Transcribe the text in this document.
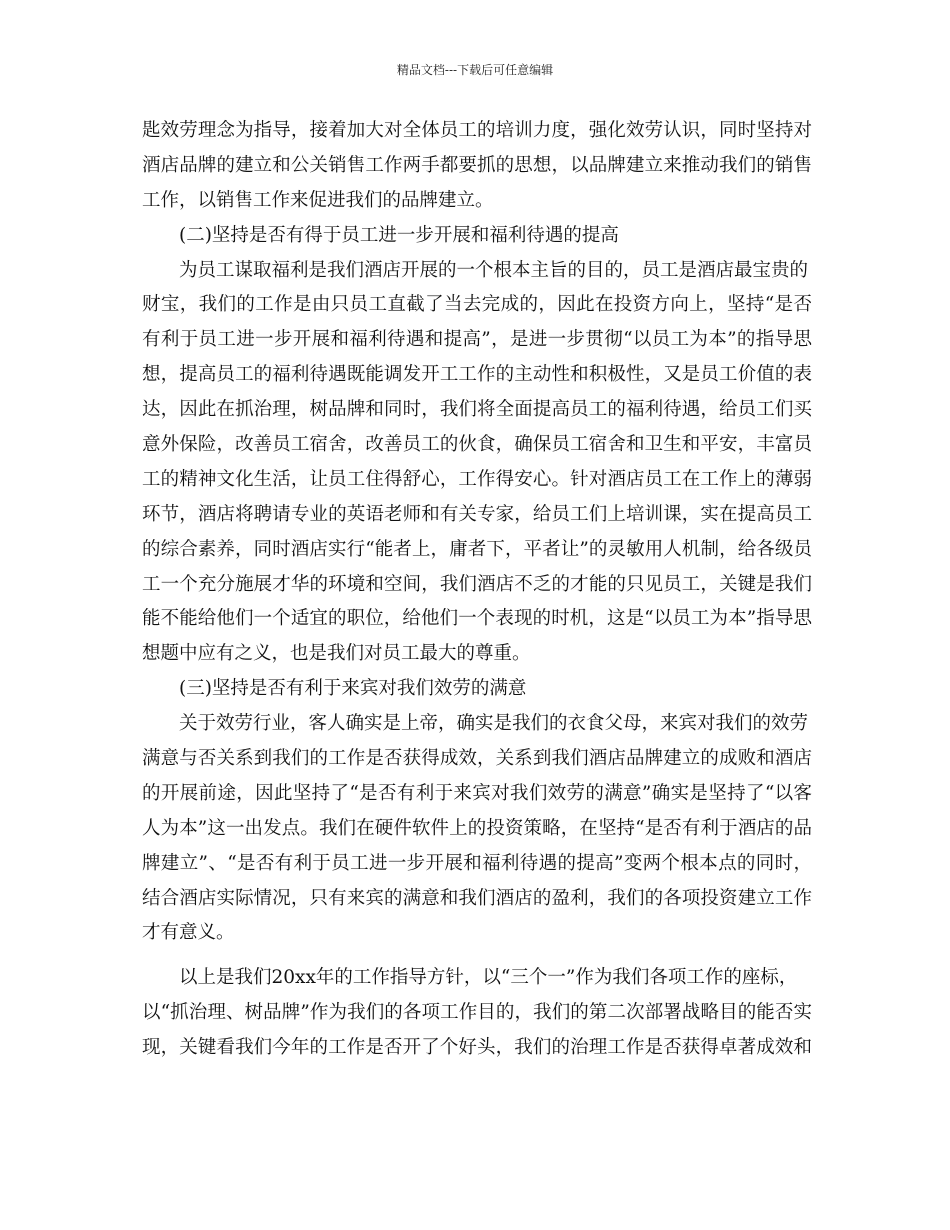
精品文档---下载后可任意编辑
匙效劳理念为指导，接着加大对全体员工的培训力度，强化效劳认识，同时坚持对
酒店品牌的建立和公关销售工作两手都要抓的思想，以品牌建立来推动我们的销售
工作，以销售工作来促进我们的品牌建立。
(二)坚持是否有得于员工进一步开展和福利待遇的提高
为员工谋取福利是我们酒店开展的一个根本主旨的目的，员工是酒店最宝贵的
财宝，我们的工作是由只员工直截了当去完成的，因此在投资方向上，坚持“是否
有利于员工进一步开展和福利待遇和提高”，是进一步贯彻“以员工为本”的指导思
想，提高员工的福利待遇既能调发开工工作的主动性和积极性，又是员工价值的表
达，因此在抓治理，树品牌和同时，我们将全面提高员工的福利待遇，给员工们买
意外保险，改善员工宿舍，改善员工的伙食，确保员工宿舍和卫生和平安，丰富员
工的精神文化生活，让员工住得舒心，工作得安心。针对酒店员工在工作上的薄弱
环节，酒店将聘请专业的英语老师和有关专家，给员工们上培训课，实在提高员工
的综合素养，同时酒店实行“能者上，庸者下，平者让”的灵敏用人机制，给各级员
工一个充分施展才华的环境和空间，我们酒店不乏的才能的只见员工，关键是我们
能不能给他们一个适宜的职位，给他们一个表现的时机，这是“以员工为本”指导思
想题中应有之义，也是我们对员工最大的尊重。
(三)坚持是否有利于来宾对我们效劳的满意
关于效劳行业，客人确实是上帝，确实是我们的衣食父母，来宾对我们的效劳
满意与否关系到我们的工作是否获得成效，关系到我们酒店品牌建立的成败和酒店
的开展前途，因此坚持了“是否有利于来宾对我们效劳的满意”确实是坚持了“以客
人为本”这一出发点。我们在硬件软件上的投资策略，在坚持“是否有利于酒店的品
牌建立”、“是否有利于员工进一步开展和福利待遇的提高”变两个根本点的同时，
结合酒店实际情况，只有来宾的满意和我们酒店的盈利，我们的各项投资建立工作
才有意义。
以上是我们20xx年的工作指导方针，以“三个一”作为我们各项工作的座标，
以“抓治理、树品牌”作为我们的各项工作目的，我们的第二次部署战略目的能否实
现，关键看我们今年的工作是否开了个好头，我们的治理工作是否获得卓著成效和
